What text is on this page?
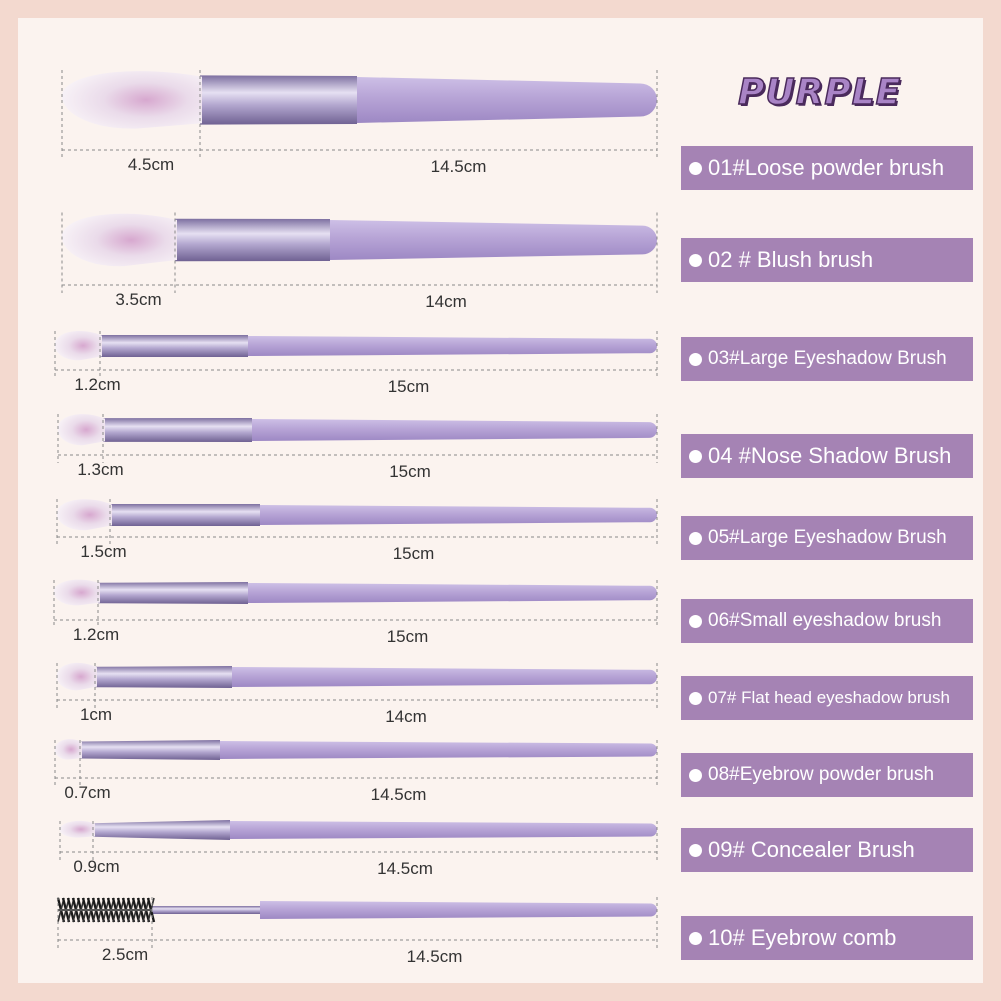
4.5cm	14.5cm
3.5cm	14cm
1.2cm	15cm
1.3cm	15cm
1.5cm	15cm
1.2cm	15cm
1cm	14cm
0.7cm	14.5cm
0.9cm	14.5cm
2.5cm	14.5cm
PURPLE
01#Loose powder brush
02 # Blush brush
03#Large Eyeshadow Brush
04 #Nose Shadow Brush
05#Large Eyeshadow Brush
06#Small eyeshadow brush
07# Flat head eyeshadow brush
08#Eyebrow powder brush
09# Concealer Brush
10# Eyebrow comb
